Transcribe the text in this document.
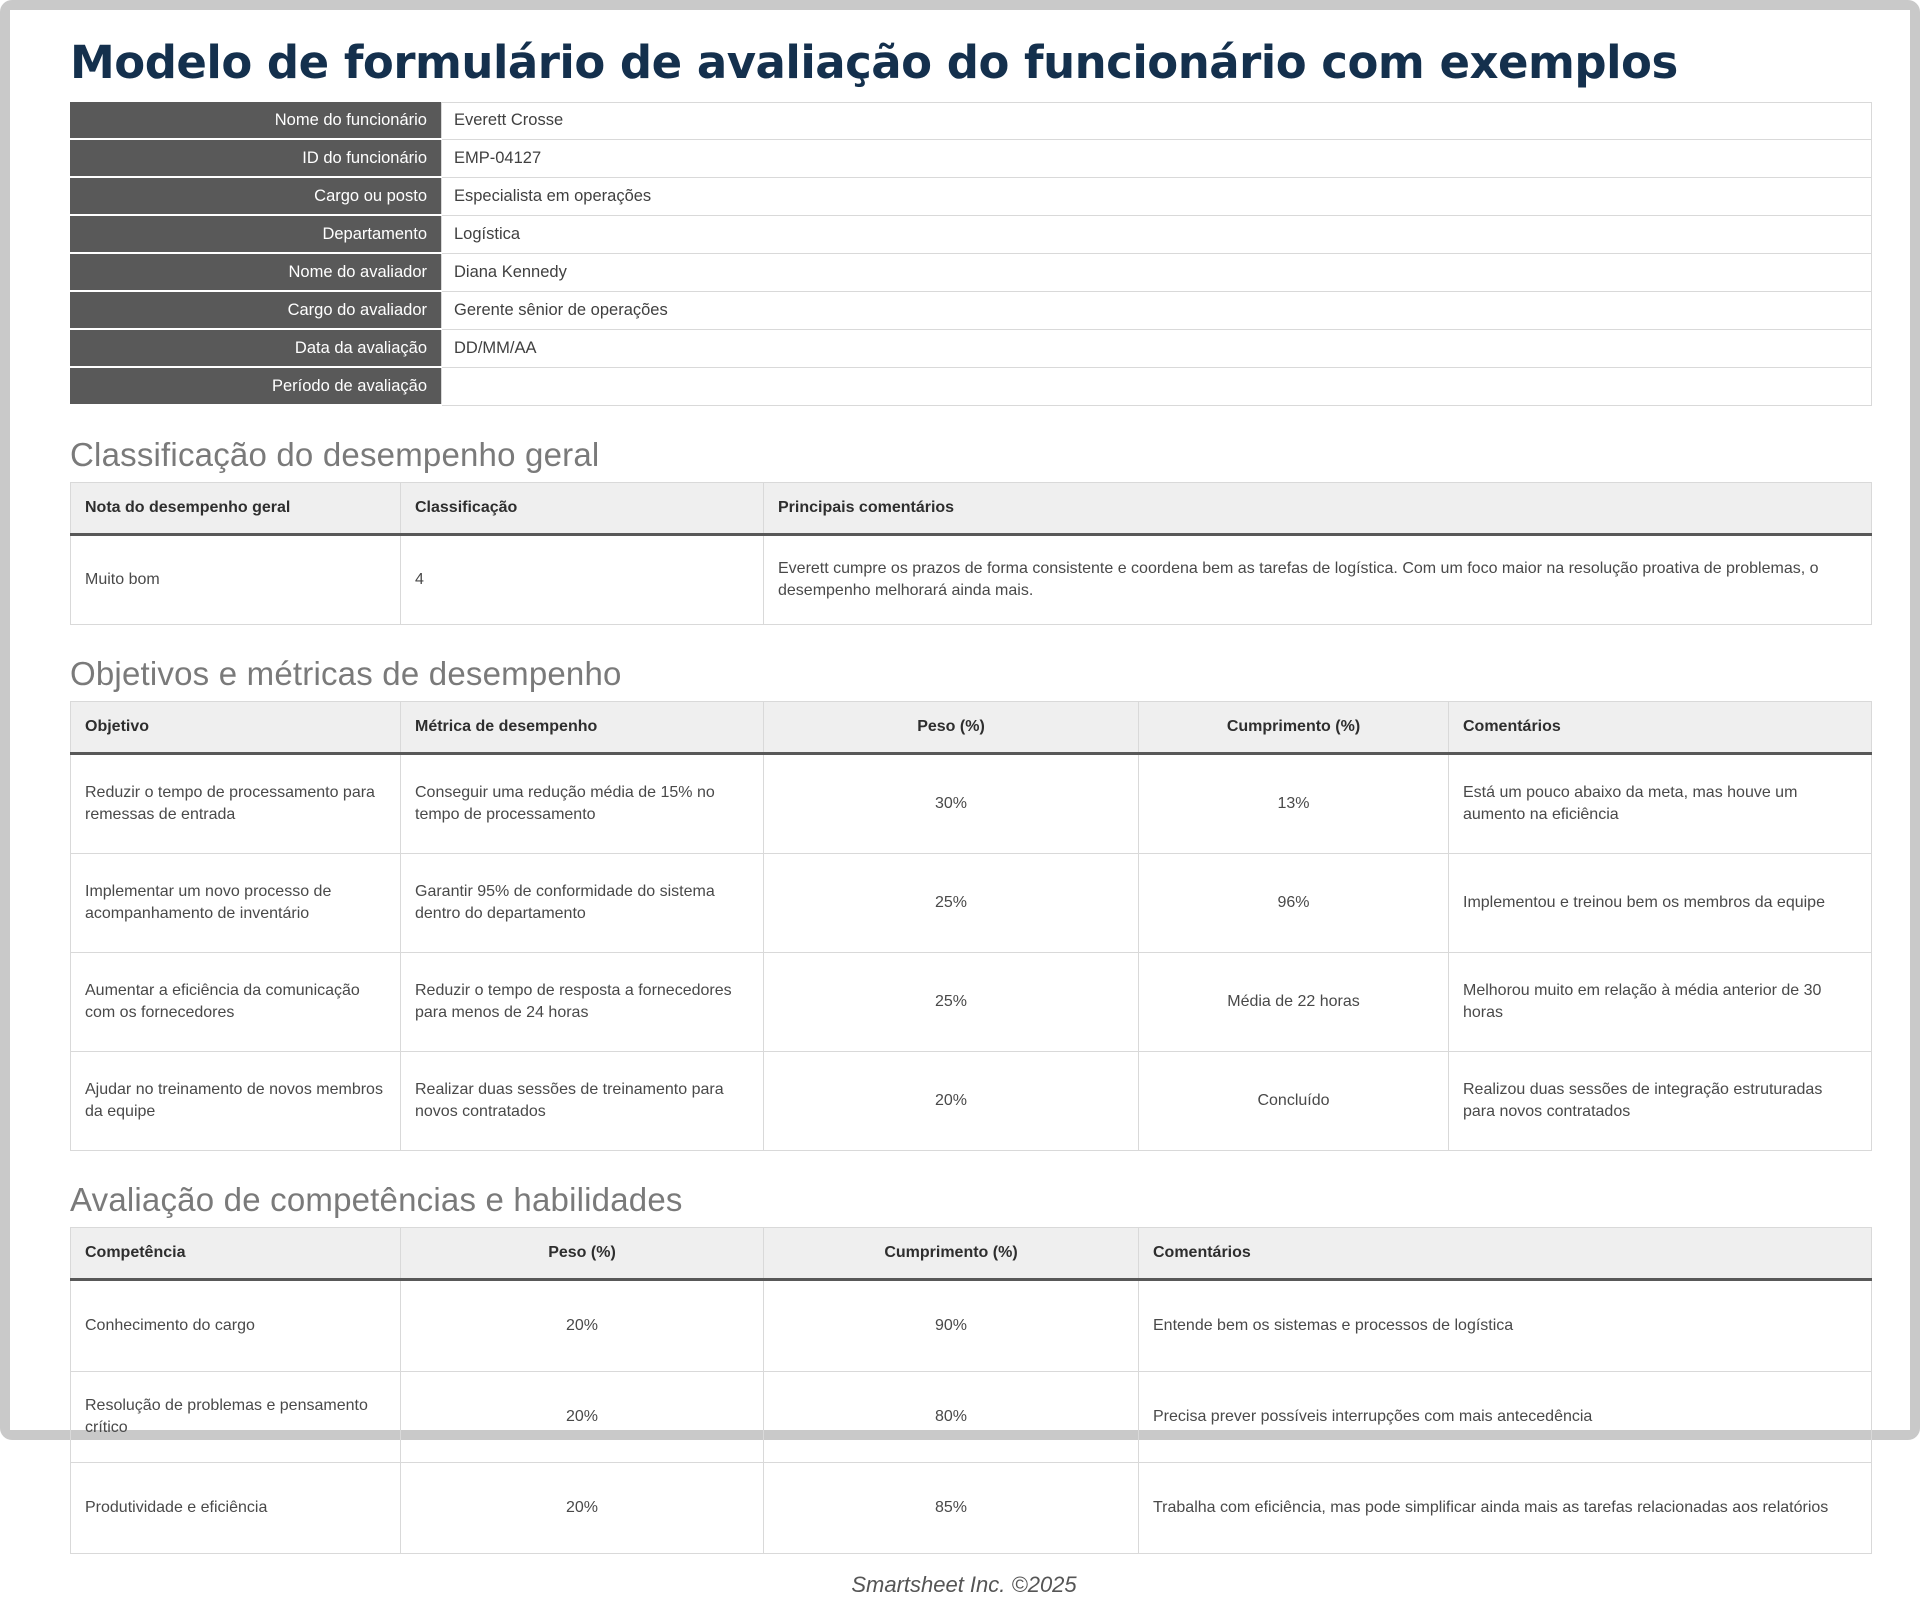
Modelo de formulário de avaliação do funcionário com exemplos
Nome do funcionário	Everett Crosse
ID do funcionário	EMP-04127
Cargo ou posto	Especialista em operações
Departamento	Logística
Nome do avaliador	Diana Kennedy
Cargo do avaliador	Gerente sênior de operações
Data da avaliação	DD/MM/AA
Período de avaliação	
Classificação do desempenho geral
Nota do desempenho geral	Classificação	Principais comentários
Muito bom	4	Everett cumpre os prazos de forma consistente e coordena bem as tarefas de logística. Com um foco maior na resolução proativa de problemas, o desempenho melhorará ainda mais.
Objetivos e métricas de desempenho
Objetivo	Métrica de desempenho	Peso (%)	Cumprimento (%)	Comentários
Reduzir o tempo de processamento para remessas de entrada	Conseguir uma redução média de 15% no tempo de processamento	30%	13%	Está um pouco abaixo da meta, mas houve um aumento na eficiência
Implementar um novo processo de acompanhamento de inventário	Garantir 95% de conformidade do sistema dentro do departamento	25%	96%	Implementou e treinou bem os membros da equipe
Aumentar a eficiência da comunicação com os fornecedores	Reduzir o tempo de resposta a fornecedores para menos de 24 horas	25%	Média de 22 horas	Melhorou muito em relação à média anterior de 30 horas
Ajudar no treinamento de novos membros da equipe	Realizar duas sessões de treinamento para novos contratados	20%	Concluído	Realizou duas sessões de integração estruturadas para novos contratados
Avaliação de competências e habilidades
Competência	Peso (%)	Cumprimento (%)	Comentários
Conhecimento do cargo	20%	90%	Entende bem os sistemas e processos de logística
Resolução de problemas e pensamento crítico	20%	80%	Precisa prever possíveis interrupções com mais antecedência
Produtividade e eficiência	20%	85%	Trabalha com eficiência, mas pode simplificar ainda mais as tarefas relacionadas aos relatórios
Smartsheet Inc. ©2025
